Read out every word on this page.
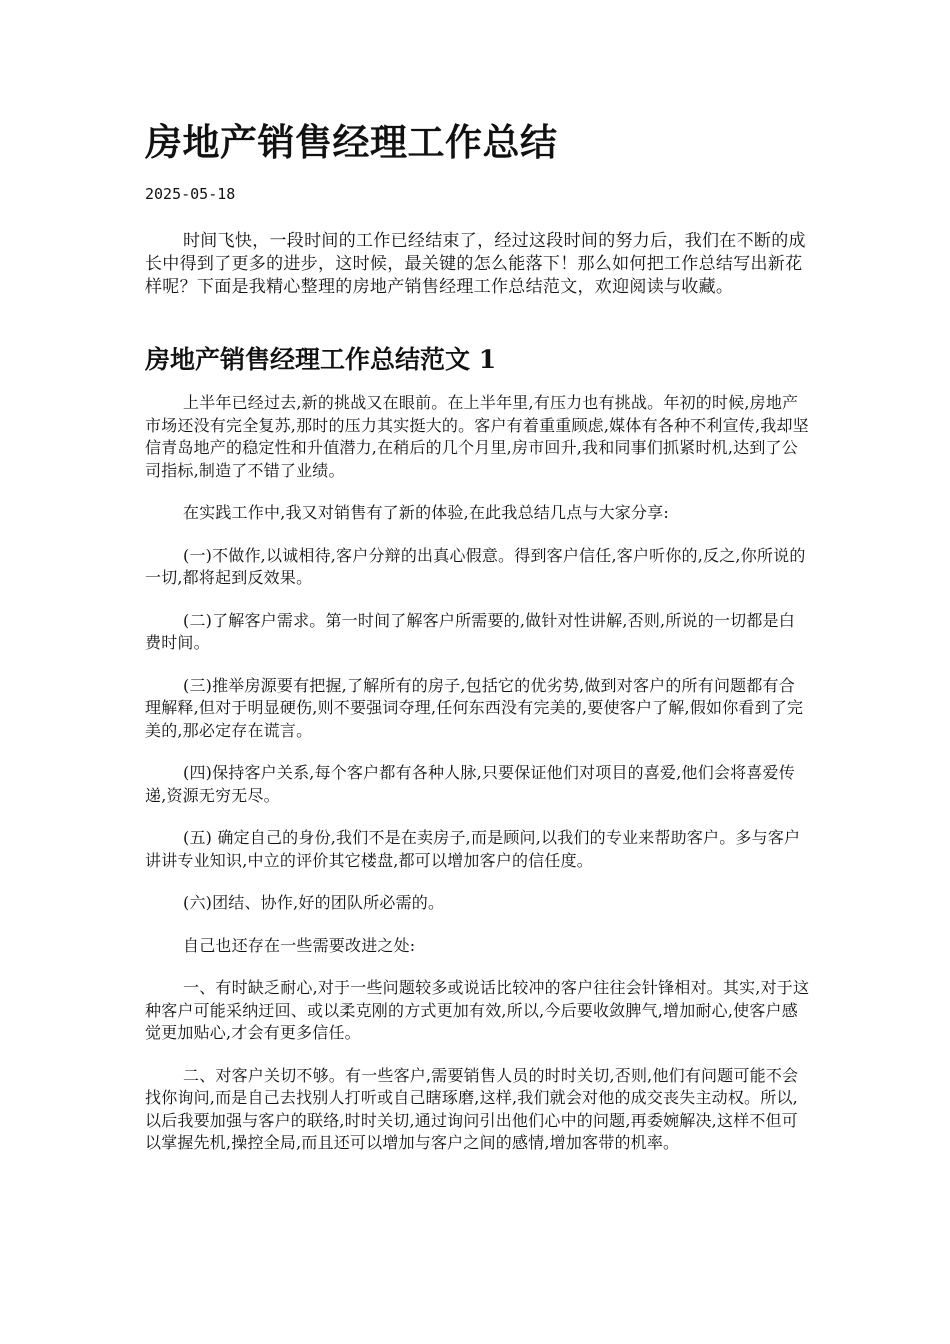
房地产销售经理工作总结
2025-05-18

时间飞快，一段时间的工作已经结束了，经过这段时间的努力后，我们在不断的成长中得到了更多的进步，这时候，最关键的怎么能落下！那么如何把工作总结写出新花样呢？下面是我精心整理的房地产销售经理工作总结范文，欢迎阅读与收藏。

房地产销售经理工作总结范文 1

上半年已经过去,新的挑战又在眼前。在上半年里,有压力也有挑战。年初的时候,房地产市场还没有完全复苏,那时的压力其实挺大的。客户有着重重顾虑,媒体有各种不利宣传,我却坚信青岛地产的稳定性和升值潜力,在稍后的几个月里,房市回升,我和同事们抓紧时机,达到了公司指标,制造了不错了业绩。

在实践工作中,我又对销售有了新的体验,在此我总结几点与大家分享:

(一)不做作,以诚相待,客户分辩的出真心假意。得到客户信任,客户听你的,反之,你所说的一切,都将起到反效果。

(二)了解客户需求。第一时间了解客户所需要的,做针对性讲解,否则,所说的一切都是白费时间。

(三)推举房源要有把握,了解所有的房子,包括它的优劣势,做到对客户的所有问题都有合理解释,但对于明显硬伤,则不要强词夺理,任何东西没有完美的,要使客户了解,假如你看到了完美的,那必定存在谎言。

(四)保持客户关系,每个客户都有各种人脉,只要保证他们对项目的喜爱,他们会将喜爱传递,资源无穷无尽。

(五) 确定自己的身份,我们不是在卖房子,而是顾问,以我们的专业来帮助客户。多与客户讲讲专业知识,中立的评价其它楼盘,都可以增加客户的信任度。

(六)团结、协作,好的团队所必需的。

自己也还存在一些需要改进之处:

一、有时缺乏耐心,对于一些问题较多或说话比较冲的客户往往会针锋相对。其实,对于这种客户可能采纳迂回、或以柔克刚的方式更加有效,所以,今后要收敛脾气,增加耐心,使客户感觉更加贴心,才会有更多信任。

二、对客户关切不够。有一些客户,需要销售人员的时时关切,否则,他们有问题可能不会找你询问,而是自己去找别人打听或自己瞎琢磨,这样,我们就会对他的成交丧失主动权。所以,以后我要加强与客户的联络,时时关切,通过询问引出他们心中的问题,再委婉解决,这样不但可以掌握先机,操控全局,而且还可以增加与客户之间的感情,增加客带的机率。
